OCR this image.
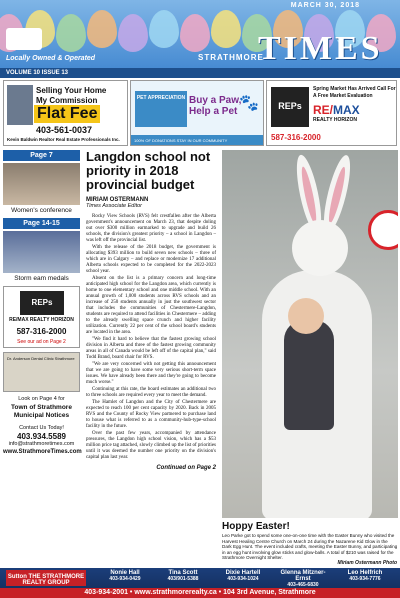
MARCH 30, 2018
Locally Owned & Operated	STRATHMORE
TIMES
VOLUME 10 ISSUE 13
Selling Your Home
My Commission
Flat Fee
403-561-0037
Kevin Baldwin Realtor Real Estate Professionals Inc.
PET APPRECIATION Buy a Paw, Help a Pet 🐾
100% OF DONATIONS STAY IN OUR COMMUNITY
REPs
Spring Market Has Arrived Call For A Free Market Evaluation
RE/MAX
REALTY HORIZON
587-316-2000
Page 7
Women's conference
Page 14-15
Storm eam medals
REPs
RE/MAX REALTY HORIZON
587-316-2000
See our ad on Page 2
Dr. Anderson Dental Clinic Strathmore
Look on Page 4 for
Town of Strathmore
Municipal Notices
Contact Us Today!
403.934.5589
info@strathmoretimes.com
www.StrathmoreTimes.com
Langdon school not priority in 2018 provincial budget
MIRIAM OSTERMANN
Times Associate Editor

Rocky View Schools (RVS) felt crestfallen after the Alberta government's announcement on March 23, that despite doling out over $300 million earmarked to upgrade and build 26 schools, the division's greatest priority – a school in Langdon – was left off the provincial list.

With the release of the 2018 budget, the government is allocating $393 million to build seven new schools – three of which are in Calgary – and replace or modernize 17 additional Alberta schools expected to be completed for the 2022-2023 school year.

Absent on the list is a primary concern and long-time anticipated high school for the Langdon area, which currently is home to one elementary school and one middle school. With an annual growth of 1,000 students across RVS schools and an increase of 250 students annually in just the southwest sector that includes the communities of Chestermere-Langdon, students are required to attend facilities in Chestermere – adding to the already swelling space crunch and higher facility utilization. Currently 22 per cent of the school board's students are located in the area.

"We find it hard to believe that the fastest growing school division in Alberta and three of the fastest growing community areas in all of Canada would be left off of the capital plan," said Todd Brand, board chair for RVS.

"We are very concerned with not getting this announcement that we are going to have some very serious short-term space issues. We have already been there and they're going to become much worse."

Continuing at this rate, the board estimates an additional two to three schools are required every year to meet the demand.

The Hamlet of Langdon and the City of Chestermere are expected to reach 100 per cent capacity by 2020. Back in 2005 RVS and the County of Rocky View partnered to purchase land to house what is referred to as a community-hub-type-school facility in the future.

Over the past few years, accompanied by attendance pressures, the Langdon high school vision, which has a $53 million price tag attached, slowly climbed up the list of priorities until it was deemed the number one priority on the division's capital plan last year.

Continued on Page 2
Hoppy Easter!
Leo Parke got to spend some one-on-one time with the Easter Bunny who visited the Harvest Healing Centre Church on March 24 during the Nazarene Kid Glow in the Dark Egg Hunt. The event included crafts, meeting the Easter Bunny, and participating in an egg hunt involving glow sticks and glow-balls. A total of $210 was raised for the Strathmore Overnight Shelter.
Miriam Ostermann Photo
Sutton THE STRATHMORE REALTY GROUP
Nonie Hall
403-934-0429
Tina Scott
403/901-5388
Dixie Hartell
403-934-1024
Glenna Mitzner-Ernst
403-465-6830
Leo Helfrich
403-934-7776
403-934-2001 • www.strathmorerealty.ca • 104 3rd Avenue, Strathmore
